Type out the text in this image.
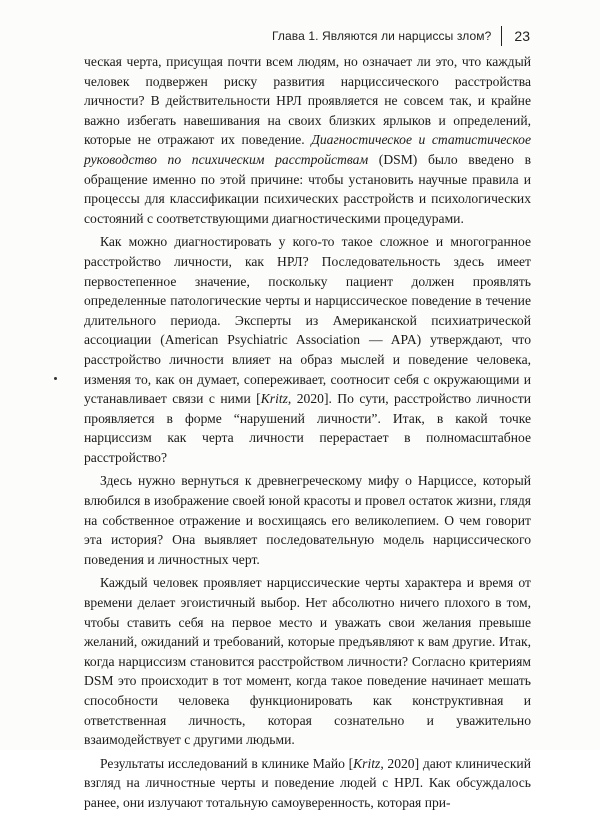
Глава 1. Являются ли нарциссы злом? 23

ческая черта, присущая почти всем людям, но означает ли это, что каждый человек подвержен риску развития нарциссического расстройства личности? В действительности НРЛ проявляется не совсем так, и крайне важно избегать навешивания на своих близких ярлыков и определений, которые не отражают их поведение. Диагностическое и статистическое руководство по психическим расстройствам (DSM) было введено в обращение именно по этой причине: чтобы установить научные правила и процессы для классификации психических расстройств и психологических состояний с соответствующими диагностическими процедурами.

Как можно диагностировать у кого-то такое сложное и многогранное расстройство личности, как НРЛ? Последовательность здесь имеет первостепенное значение, поскольку пациент должен проявлять определенные патологические черты и нарциссическое поведение в течение длительного периода. Эксперты из Американской психиатрической ассоциации (American Psychiatric Association — APA) утверждают, что расстройство личности влияет на образ мыслей и поведение человека, изменяя то, как он думает, сопереживает, соотносит себя с окружающими и устанавливает связи с ними [Kritz, 2020]. По сути, расстройство личности проявляется в форме “нарушений личности”. Итак, в какой точке нарциссизм как черта личности перерастает в полномасштабное расстройство?

Здесь нужно вернуться к древнегреческому мифу о Нарциссе, который влюбился в изображение своей юной красоты и провел остаток жизни, глядя на собственное отражение и восхищаясь его великолепием. О чем говорит эта история? Она выявляет последовательную модель нарциссического поведения и личностных черт.

Каждый человек проявляет нарциссические черты характера и время от времени делает эгоистичный выбор. Нет абсолютно ничего плохого в том, чтобы ставить себя на первое место и уважать свои желания превыше желаний, ожиданий и требований, которые предъявляют к вам другие. Итак, когда нарциссизм становится расстройством личности? Согласно критериям DSM это происходит в тот момент, когда такое поведение начинает мешать способности человека функционировать как конструктивная и ответственная личность, которая сознательно и уважительно взаимодействует с другими людьми.

Результаты исследований в клинике Майо [Kritz, 2020] дают клинический взгляд на личностные черты и поведение людей с НРЛ. Как обсуждалось ранее, они излучают тотальную самоуверенность, которая при-
